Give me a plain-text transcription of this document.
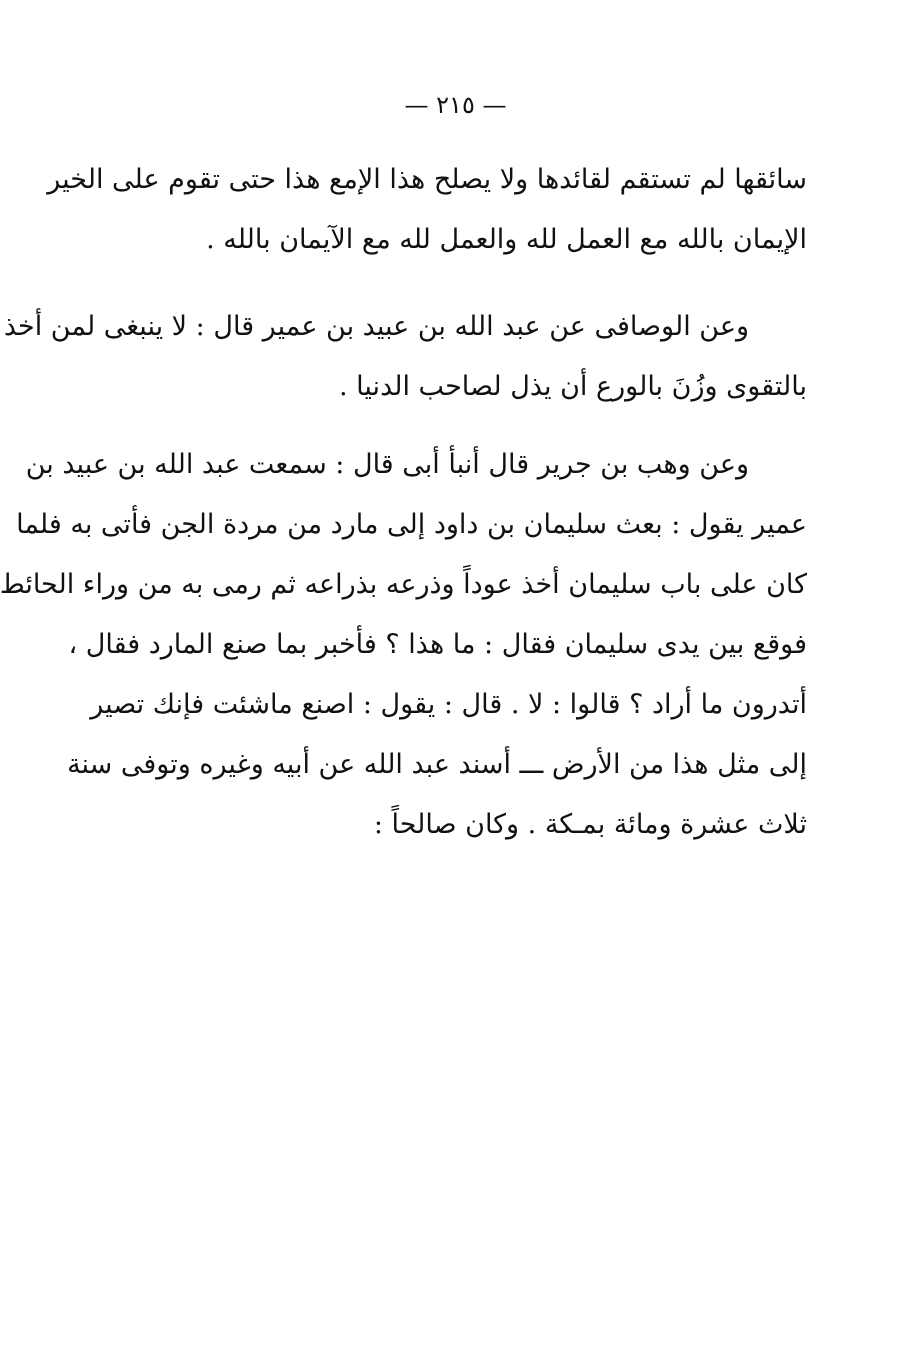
— ٢١٥ —
سائقها لم تستقم لقائدها ولا يصلح هذا الإمع هذا حتى تقوم على الخير
الإيمان بالله مع العمل لله والعمل لله مع الآيمان بالله .
وعن الوصافى عن عبد الله بن عبيد بن عمير قال : لا ينبغى لمن أخذ
بالتقوى وزُنَ بالورع أن يذل لصاحب الدنيا .
وعن وهب بن جرير قال أنبأ أبى قال : سمعت عبد الله بن عبيد بن
عمير يقول : بعث سليمان بن داود إلى مارد من مردة الجن فأتى به فلما
كان على باب سليمان أخذ عوداً وذرعه بذراعه ثم رمى به من وراء الحائط
فوقع بين يدى سليمان فقال : ما هذا ؟ فأخبر بما صنع المارد فقال ،
أتدرون ما أراد ؟ قالوا : لا . قال : يقول : اصنع ماشئت فإنك تصير
إلى مثل هذا من الأرض ـــ أسند عبد الله عن أبيه وغيره وتوفى سنة
ثلاث عشرة ومائة بمـكة . وكان صالحاً :
